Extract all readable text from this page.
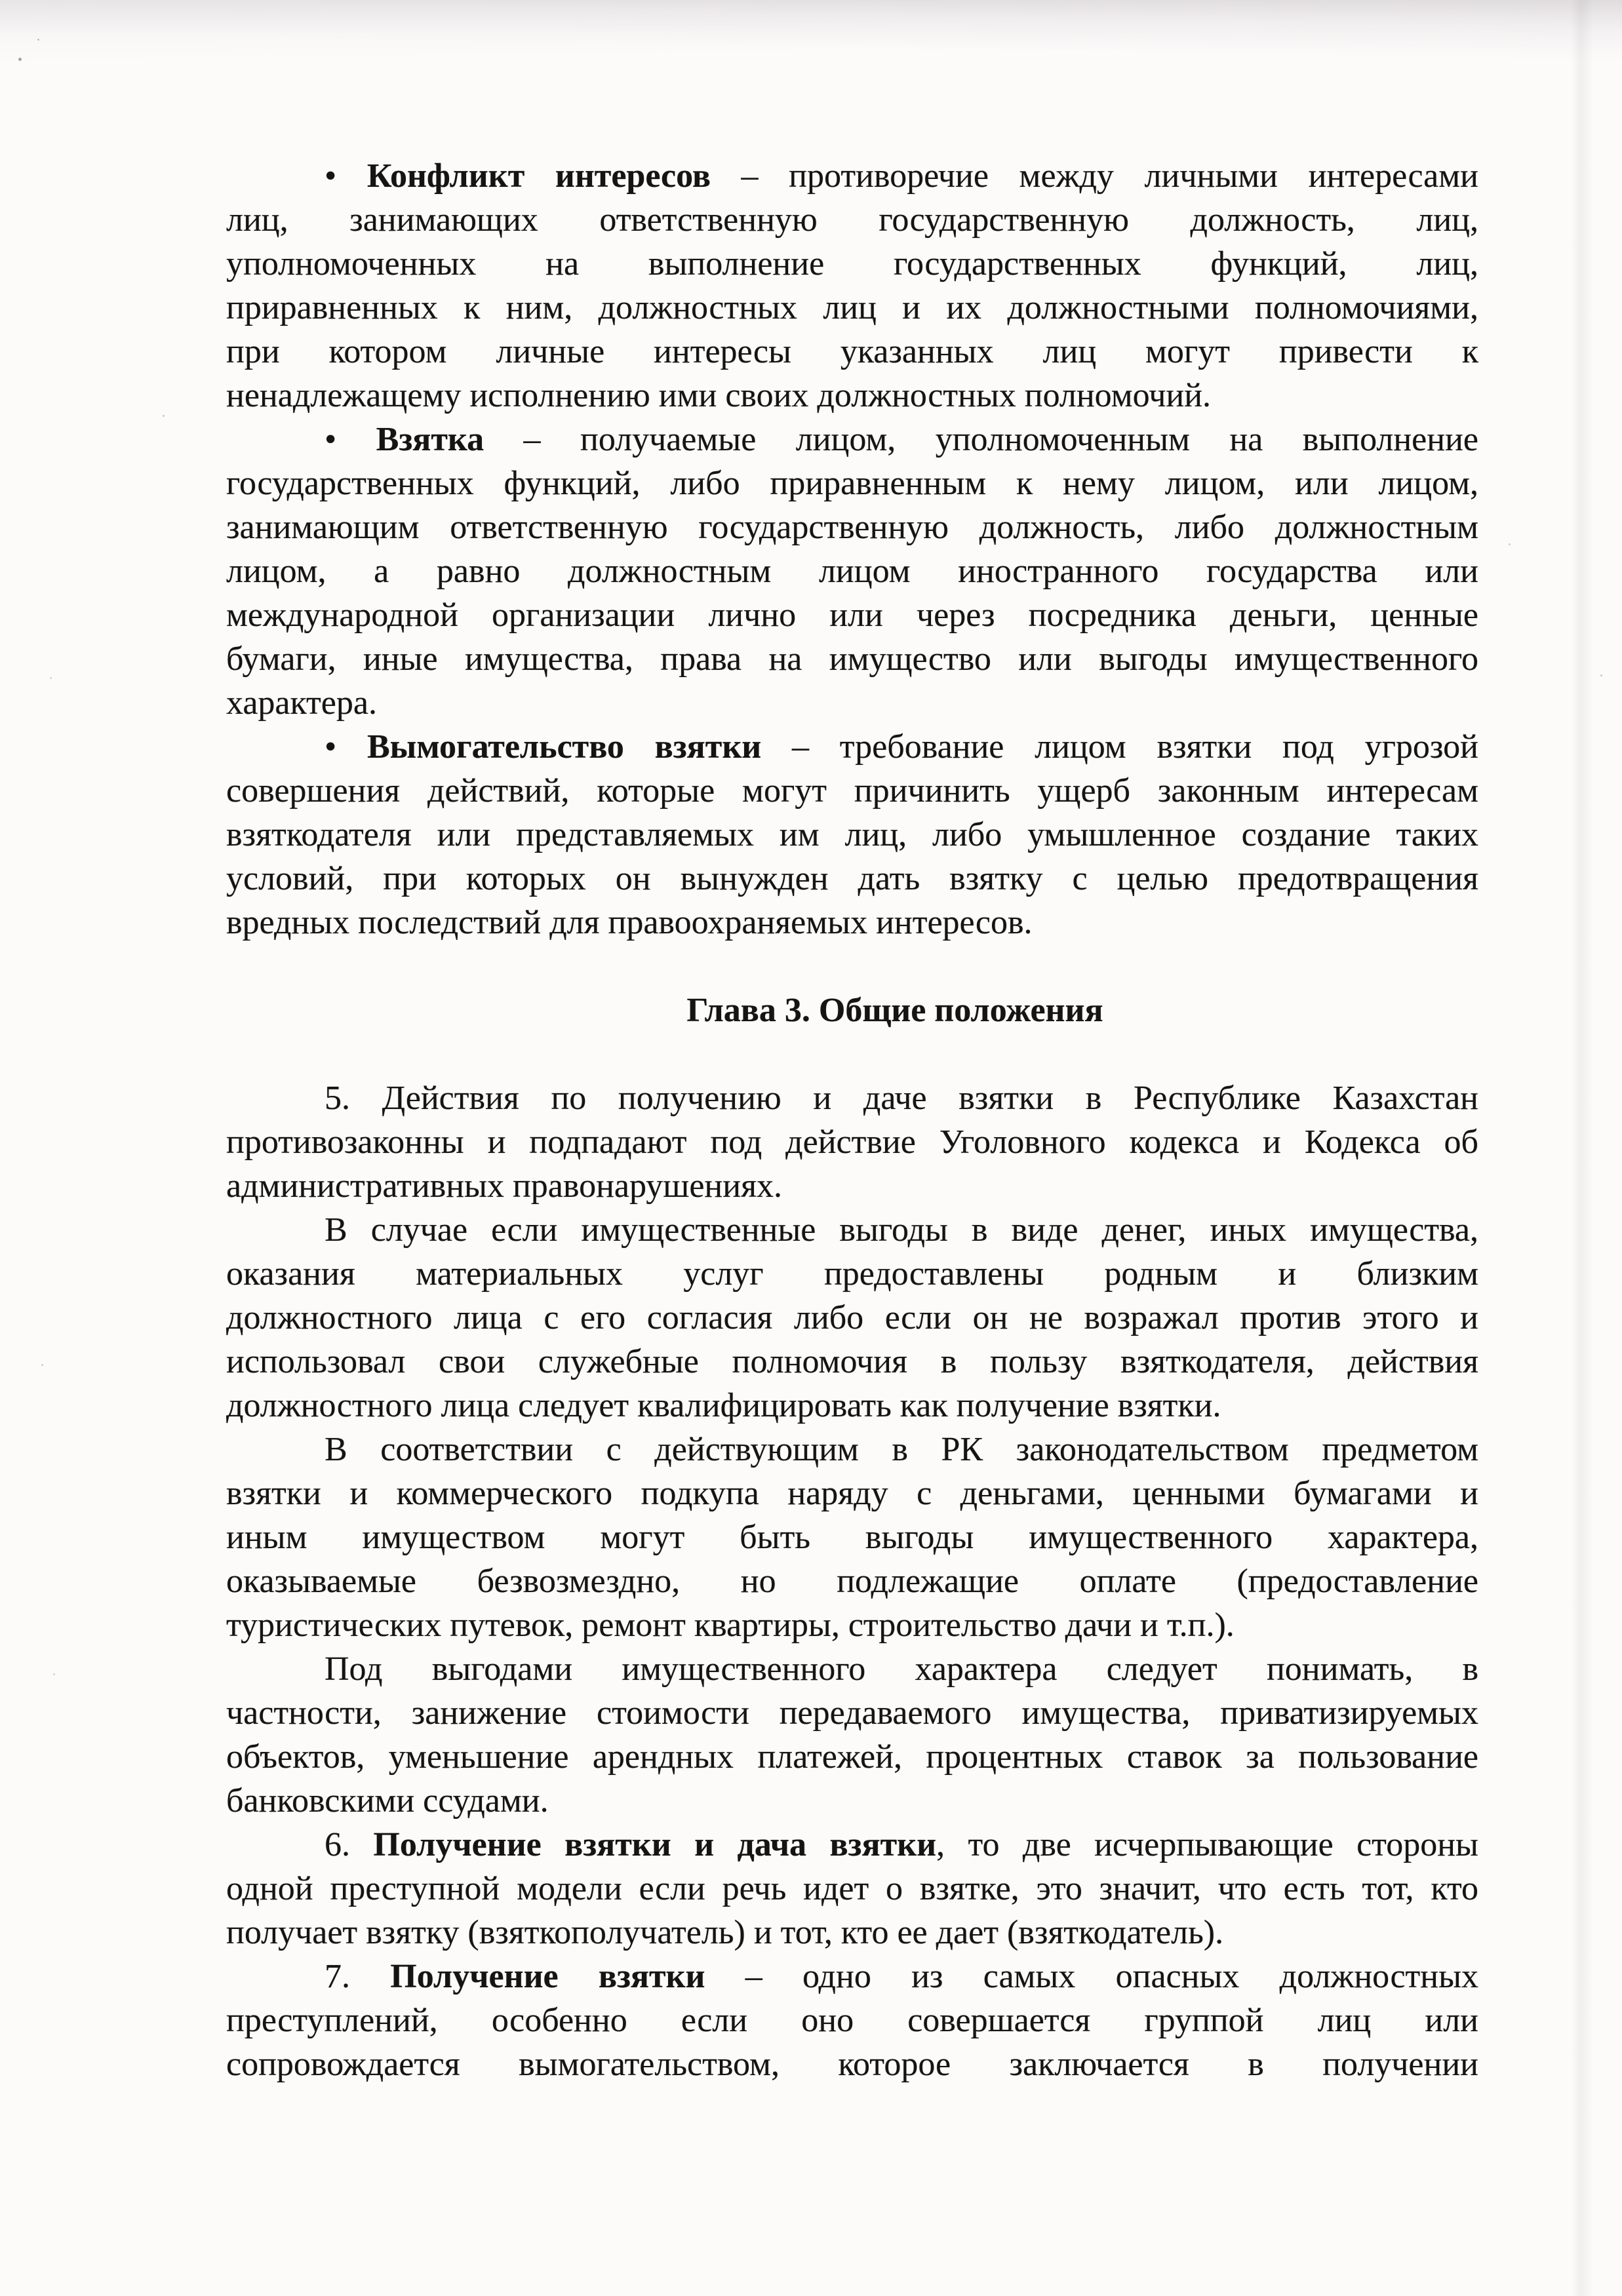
• Конфликт интересов – противоречие между личными интересами
лиц, занимающих ответственную государственную должность, лиц,
уполномоченных на выполнение государственных функций, лиц,
приравненных к ним, должностных лиц и их должностными полномочиями,
при котором личные интересы указанных лиц могут привести к
ненадлежащему исполнению ими своих должностных полномочий.
• Взятка – получаемые лицом, уполномоченным на выполнение
государственных функций, либо приравненным к нему лицом, или лицом,
занимающим ответственную государственную должность, либо должностным
лицом, а равно должностным лицом иностранного государства или
международной организации лично или через посредника деньги, ценные
бумаги, иные имущества, права на имущество или выгоды имущественного
характера.
• Вымогательство взятки – требование лицом взятки под угрозой
совершения действий, которые могут причинить ущерб законным интересам
взяткодателя или представляемых им лиц, либо умышленное создание таких
условий, при которых он вынужден дать взятку с целью предотвращения
вредных последствий для правоохраняемых интересов.
Глава 3. Общие положения
5. Действия по получению и даче взятки в Республике Казахстан
противозаконны и подпадают под действие Уголовного кодекса и Кодекса об
административных правонарушениях.
В случае если имущественные выгоды в виде денег, иных имущества,
оказания материальных услуг предоставлены родным и близким
должностного лица с его согласия либо если он не возражал против этого и
использовал свои служебные полномочия в пользу взяткодателя, действия
должностного лица следует квалифицировать как получение взятки.
В соответствии с действующим в РК законодательством предметом
взятки и коммерческого подкупа наряду с деньгами, ценными бумагами и
иным имуществом могут быть выгоды имущественного характера,
оказываемые безвозмездно, но подлежащие оплате (предоставление
туристических путевок, ремонт квартиры, строительство дачи и т.п.).
Под выгодами имущественного характера следует понимать, в
частности, занижение стоимости передаваемого имущества, приватизируемых
объектов, уменьшение арендных платежей, процентных ставок за пользование
банковскими ссудами.
6. Получение взятки и дача взятки, то две исчерпывающие стороны
одной преступной модели если речь идет о взятке, это значит, что есть тот, кто
получает взятку (взяткополучатель) и тот, кто ее дает (взяткодатель).
7. Получение взятки – одно из самых опасных должностных
преступлений, особенно если оно совершается группой лиц или
сопровождается вымогательством, которое заключается в получении
